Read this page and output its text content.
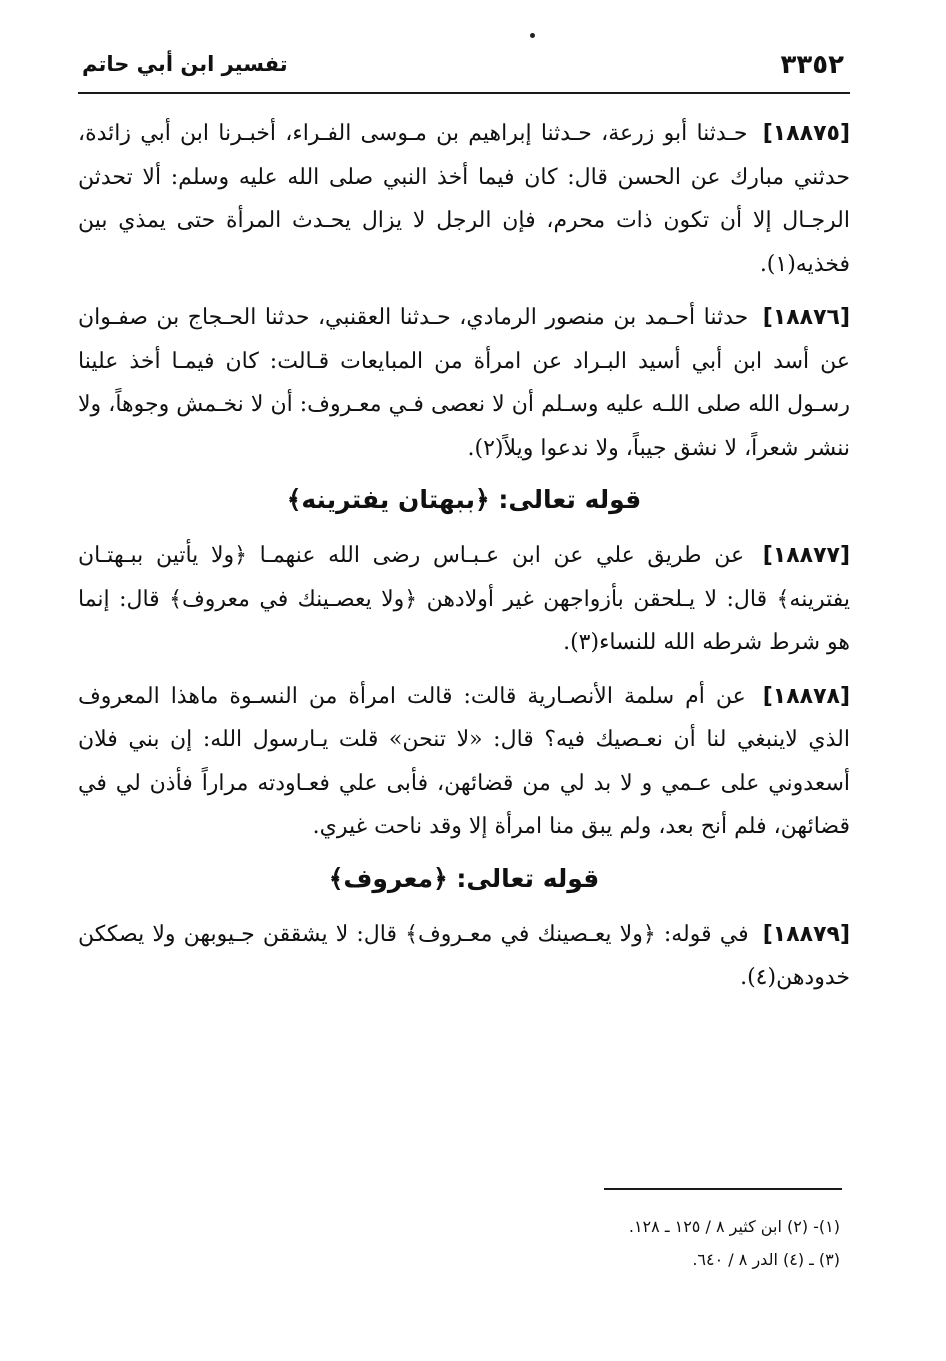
٣٣٥٢
تفسير ابن أبي حاتم

[١٨٨٧٥] حـدثنا أبو زرعة، حـدثنا إبراهيم بن مـوسى الفـراء، أخبـرنا ابن أبي زائدة، حدثني مبارك عن الحسن قال: كان فيما أخذ النبي صلى الله عليه وسلم: ألا تحدثن الرجـال إلا أن تكون ذات محرم، فإن الرجل لا يزال يحـدث المرأة حتى يمذي بين فخذيه(١).

[١٨٨٧٦] حدثنا أحـمد بن منصور الرمادي، حـدثنا العقنبي، حدثنا الحـجاج بن صفـوان عن أسد ابن أبي أسيد البـراد عن امرأة من المبايعات قـالت: كان فيمـا أخذ علينا رسـول الله صلى اللـه عليه وسـلم أن لا نعصى فـي معـروف: أن لا نخـمش وجوهاً، ولا ننشر شعراً، لا نشق جيباً، ولا ندعوا ويلاً(٢).

قوله تعالى: ﴿ببهتان يفترينه﴾

[١٨٨٧٧] عن طريق علي عن ابن عـبـاس رضى الله عنهمـا ﴿ولا يأتين ببـهتـان يفترينه﴾ قال: لا يـلحقن بأزواجهن غير أولادهن ﴿ولا يعصـينك في معروف﴾ قال: إنما هو شرط شرطه الله للنساء(٣).

[١٨٨٧٨] عن أم سلمة الأنصـارية قالت: قالت امرأة من النسـوة ماهذا المعروف الذي لاينبغي لنا أن نعـصيك فيه؟ قال: «لا تنحن» قلت يـارسول الله: إن بني فلان أسعدوني على عـمي و لا بد لي من قضائهن، فأبى علي فعـاودته مراراً فأذن لي في قضائهن، فلم أنح بعد، ولم يبق منا امرأة إلا وقد ناحت غيري.

قوله تعالى: ﴿معروف﴾

[١٨٨٧٩] في قوله: ﴿ولا يعـصينك في معـروف﴾ قال: لا يشققن جـيوبهن ولا يصككن خدودهن(٤).

(١)- (٢) ابن كثير ٨ / ١٢٥ ـ ١٢٨.
(٣) ـ (٤) الدر ٨ / ٦٤٠.
